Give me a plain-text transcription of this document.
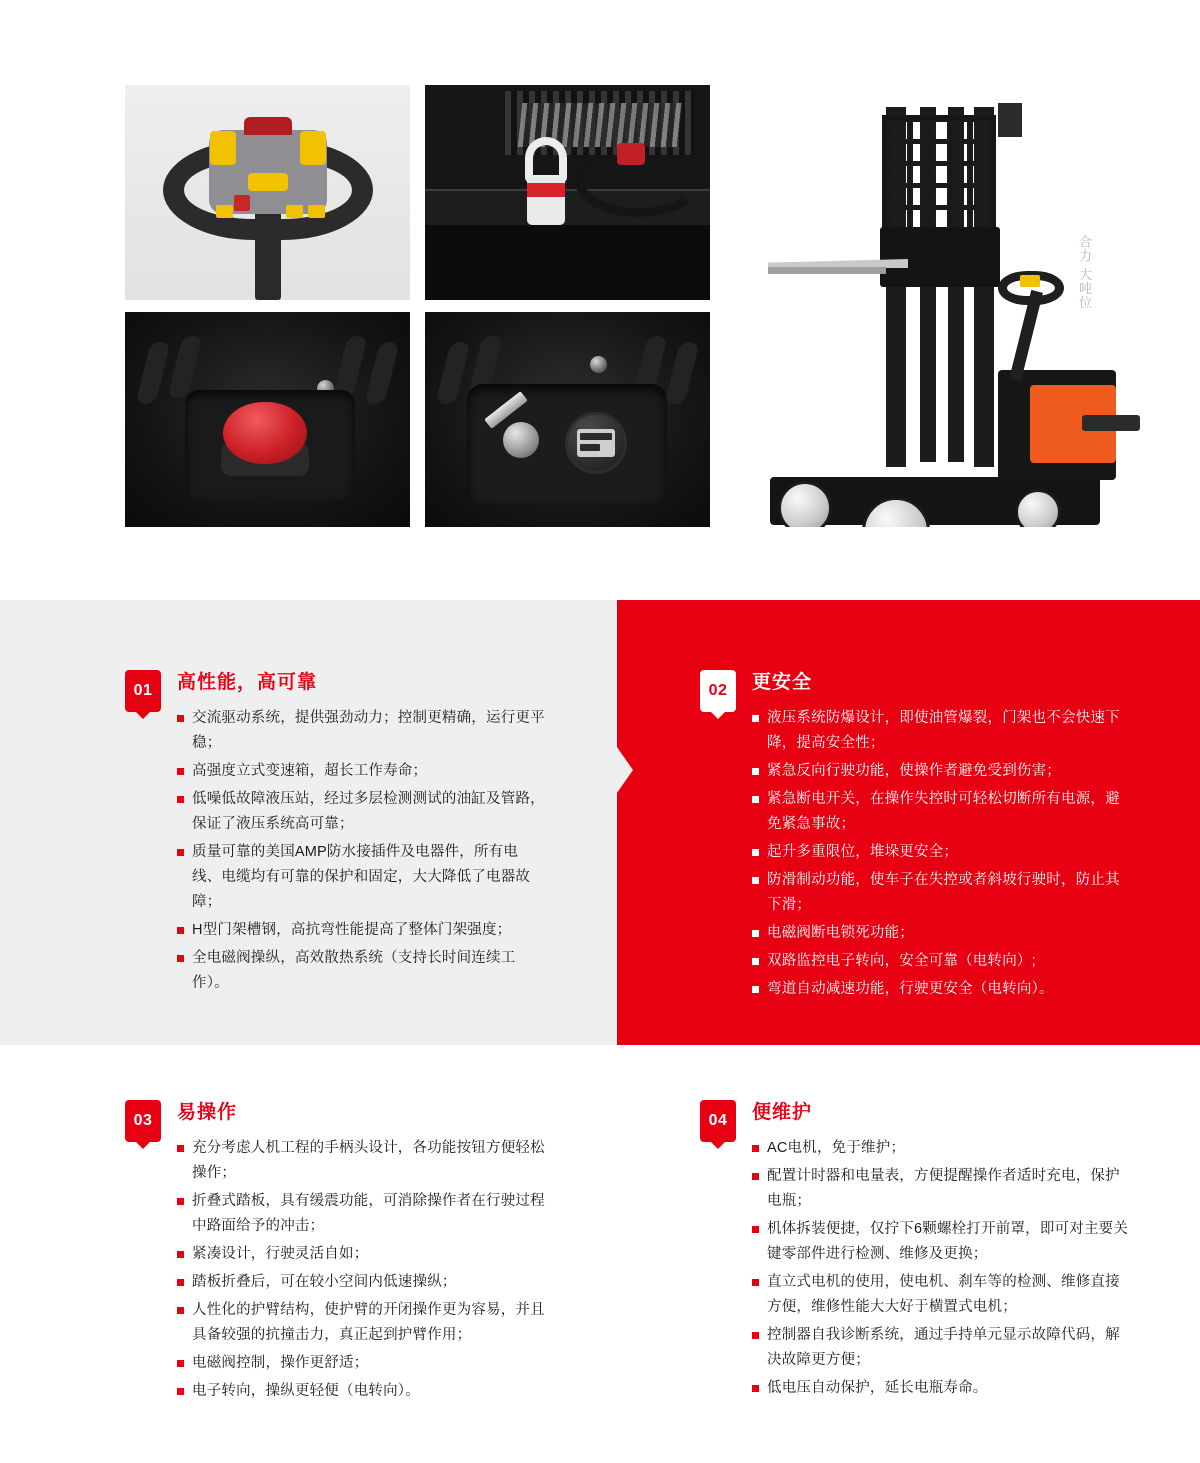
合力 大吨位
01	高性能，高可靠
交流驱动系统，提供强劲动力；控制更精确，运行更平稳；
高强度立式变速箱，超长工作寿命；
低噪低故障液压站，经过多层检测测试的油缸及管路，保证了液压系统高可靠；
质量可靠的美国AMP防水接插件及电器件，所有电线、电缆均有可靠的保护和固定，大大降低了电器故障；
H型门架槽钢，高抗弯性能提高了整体门架强度；
全电磁阀操纵，高效散热系统（支持长时间连续工作）。
02	更安全
液压系统防爆设计，即使油管爆裂，门架也不会快速下降，提高安全性；
紧急反向行驶功能，使操作者避免受到伤害；
紧急断电开关，在操作失控时可轻松切断所有电源，避免紧急事故；
起升多重限位，堆垛更安全；
防滑制动功能，使车子在失控或者斜坡行驶时，防止其下滑；
电磁阀断电锁死功能；
双路监控电子转向，安全可靠（电转向）;
弯道自动减速功能，行驶更安全（电转向）。
03	易操作
充分考虑人机工程的手柄头设计，各功能按钮方便轻松操作；
折叠式踏板，具有缓震功能，可消除操作者在行驶过程中路面给予的冲击；
紧凑设计，行驶灵活自如；
踏板折叠后，可在较小空间内低速操纵；
人性化的护臂结构，使护臂的开闭操作更为容易，并且具备较强的抗撞击力，真正起到护臂作用；
电磁阀控制，操作更舒适；
电子转向，操纵更轻便（电转向）。
04	便维护
AC电机，免于维护；
配置计时器和电量表，方便提醒操作者适时充电，保护电瓶；
机体拆装便捷，仅拧下6颗螺栓打开前罩，即可对主要关键零部件进行检测、维修及更换；
直立式电机的使用，使电机、刹车等的检测、维修直接方便，维修性能大大好于横置式电机；
控制器自我诊断系统，通过手持单元显示故障代码，解决故障更方便；
低电压自动保护，延长电瓶寿命。
